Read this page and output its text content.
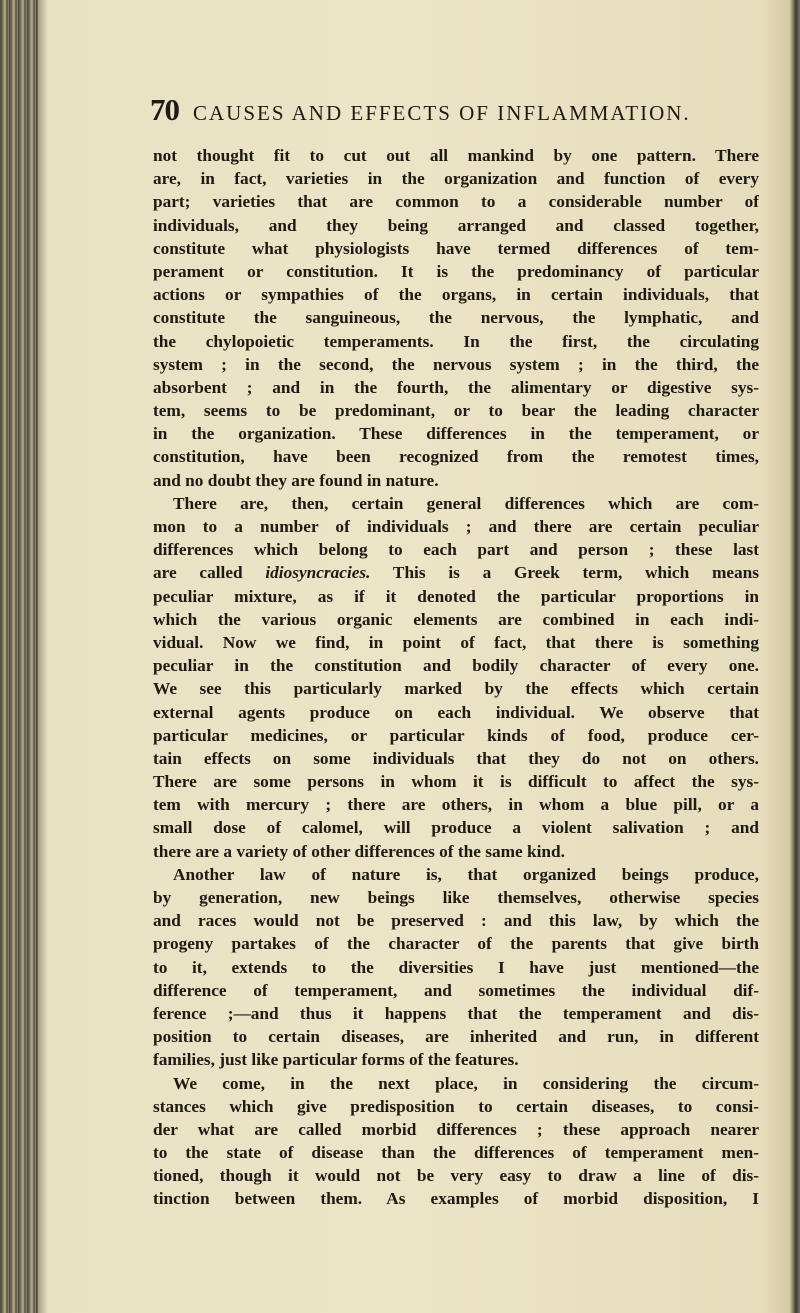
70 CAUSES AND EFFECTS OF INFLAMMATION.
not thought fit to cut out all mankind by one pattern. There
are, in fact, varieties in the organization and function of every
part; varieties that are common to a considerable number of
individuals, and they being arranged and classed together,
constitute what physiologists have termed differences of tem-
perament or constitution. It is the predominancy of particular
actions or sympathies of the organs, in certain individuals, that
constitute the sanguineous, the nervous, the lymphatic, and
the chylopoietic temperaments. In the first, the circulating
system ; in the second, the nervous system ; in the third, the
absorbent ; and in the fourth, the alimentary or digestive sys-
tem, seems to be predominant, or to bear the leading character
in the organization. These differences in the temperament, or
constitution, have been recognized from the remotest times,
and no doubt they are found in nature.
There are, then, certain general differences which are com-
mon to a number of individuals ; and there are certain peculiar
differences which belong to each part and person ; these last
are called idiosyncracies. This is a Greek term, which means
peculiar mixture, as if it denoted the particular proportions in
which the various organic elements are combined in each indi-
vidual. Now we find, in point of fact, that there is something
peculiar in the constitution and bodily character of every one.
We see this particularly marked by the effects which certain
external agents produce on each individual. We observe that
particular medicines, or particular kinds of food, produce cer-
tain effects on some individuals that they do not on others.
There are some persons in whom it is difficult to affect the sys-
tem with mercury ; there are others, in whom a blue pill, or a
small dose of calomel, will produce a violent salivation ; and
there are a variety of other differences of the same kind.
Another law of nature is, that organized beings produce,
by generation, new beings like themselves, otherwise species
and races would not be preserved : and this law, by which the
progeny partakes of the character of the parents that give birth
to it, extends to the diversities I have just mentioned—the
difference of temperament, and sometimes the individual dif-
ference ;—and thus it happens that the temperament and dis-
position to certain diseases, are inherited and run, in different
families, just like particular forms of the features.
We come, in the next place, in considering the circum-
stances which give predisposition to certain diseases, to consi-
der what are called morbid differences ; these approach nearer
to the state of disease than the differences of temperament men-
tioned, though it would not be very easy to draw a line of dis-
tinction between them. As examples of morbid disposition, I
